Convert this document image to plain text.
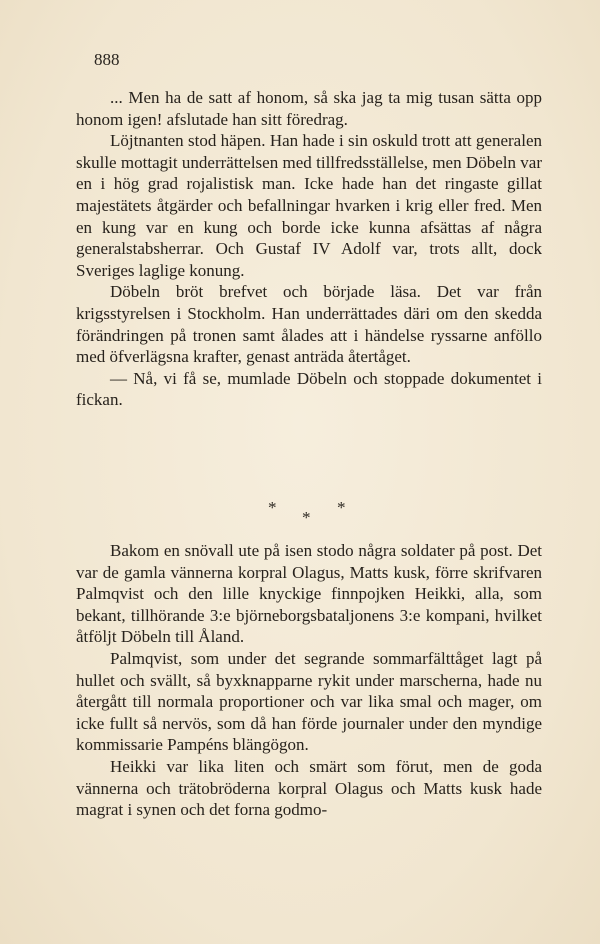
888

... Men ha de satt af honom, så ska jag ta mig tusan sätta opp honom igen! afslutade han sitt föredrag.

Löjtnanten stod häpen. Han hade i sin oskuld trott att generalen skulle mottagit underrättelsen med tillfredsställelse, men Döbeln var en i hög grad rojalistisk man. Icke hade han det ringaste gillat majestätets åtgärder och befallningar hvarken i krig eller fred. Men en kung var en kung och borde icke kunna afsättas af några generalstabsherrar. Och Gustaf IV Adolf var, trots allt, dock Sveriges laglige konung.

Döbeln bröt brefvet och började läsa. Det var från krigsstyrelsen i Stockholm. Han underrättades däri om den skedda förändringen på tronen samt ålades att i händelse ryssarne anföllo med öfverlägsna krafter, genast anträda återtåget.

— Nå, vi få se, mumlade Döbeln och stoppade dokumentet i fickan.

*	*
*

Bakom en snövall ute på isen stodo några soldater på post. Det var de gamla vännerna korpral Olagus, Matts kusk, förre skrifvaren Palmqvist och den lille knyckige finnpojken Heikki, alla, som bekant, tillhörande 3:e björneborgsbataljonens 3:e kompani, hvilket åtföljt Döbeln till Åland.

Palmqvist, som under det segrande sommarfälttåget lagt på hullet och svällt, så byxknapparne rykit under marscherna, hade nu återgått till normala proportioner och var lika smal och mager, om icke fullt så nervös, som då han förde journaler under den myndige kommissarie Pampéns blängögon.

Heikki var lika liten och smärt som förut, men de goda vännerna och trätobröderna korpral Olagus och Matts kusk hade magrat i synen och det forna godmo-
